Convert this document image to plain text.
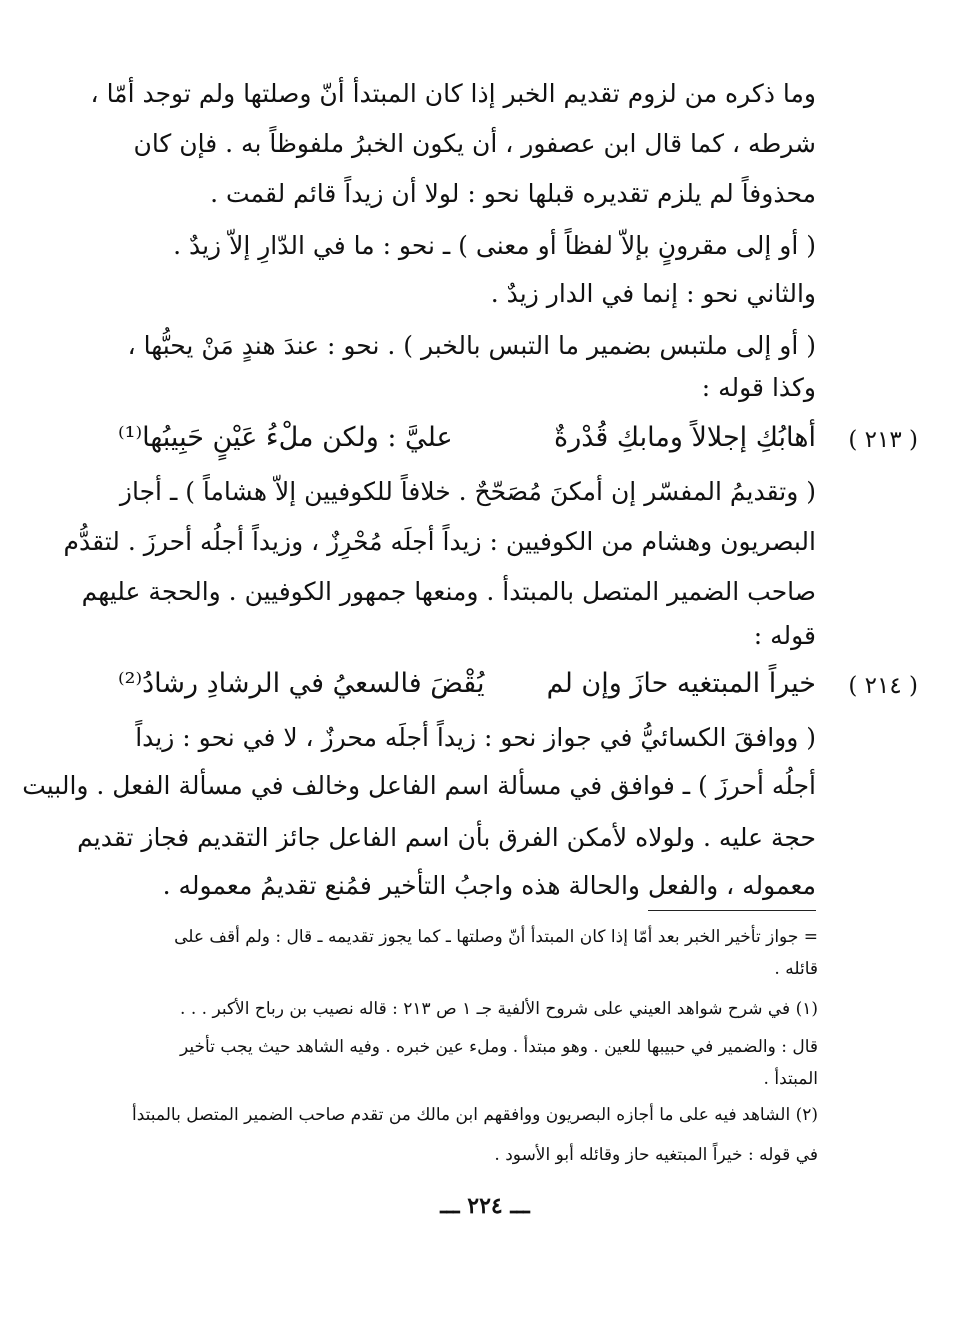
وما ذكره من لزوم تقديم الخبر إذا كان المبتدأ أنّ وصلتها ولم توجد أمّا ،
شرطه ، كما قال ابن عصفور ، أن يكون الخبرُ ملفوظاً به . فإن كان
محذوفاً لم يلزم تقديره قبلها نحو : لولا أن زيداً قائم لقمت .
( أو إلى مقرونٍ بإلاّ لفظاً أو معنى ) ـ نحو : ما في الدّارِ إلاّ زيدٌ .
والثاني نحو : إنما في الدار زيدٌ .
( أو إلى ملتبس بضمير ما التبس بالخبر ) . نحو : عندَ هندٍ مَنْ يحبُّها ،
وكذا قوله :
( ٢١٣ )
أهابُكِ إجلالاً ومابكِ قُدْرةٌ
عليَّ : ولكن ملْءُ عَيْنٍ حَبِيبُها⁽¹⁾
( وتقديمُ المفسّر إن أمكنَ مُصَحّحٌ . خلافاً للكوفيين إلاّ هشاماً ) ـ أجاز
البصريون وهشام من الكوفيين : زيداً أجلَه مُحْرِزٌ ، وزيداً أجلُه أحرزَ . لتقدُّم
صاحب الضمير المتصل بالمبتدأ . ومنعها جمهور الكوفيين . والحجة عليهم
قوله :
( ٢١٤ )
خيراً المبتغيه حازَ وإن لم
يُقْضَ فالسعيُ في الرشادِ رشادُ⁽²⁾
( ووافقَ الكسائيُّ في جواز نحو : زيداً أجلَه محرزٌ ، لا في نحو : زيداً
أجلُه أحرزَ ) ـ فوافق في مسألة اسم الفاعل وخالف في مسألة الفعل . والبيت
حجة عليه . ولولاه لأمكن الفرق بأن اسم الفاعل جائز التقديم فجاز تقديم
معموله ، والفعل والحالة هذه واجبُ التأخير فمُنع تقديمُ معموله .
= جواز تأخير الخبر بعد أمّا إذا كان المبتدأ أنّ وصلتها ـ كما يجوز تقديمه ـ قال : ولم أقف على
قائله .
(١) في شرح شواهد العيني على شروح الألفية جـ ١ ص ٢١٣ : قاله نصيب بن رباح الأكبر . . .
قال : والضمير في حبيبها للعين . وهو مبتدأ . وملء عين خبره . وفيه الشاهد حيث يجب تأخير
المبتدأ .
(٢) الشاهد فيه على ما أجازه البصريون ووافقهم ابن مالك من تقدم صاحب الضمير المتصل بالمبتدأ
في قوله : خيراً المبتغيه حاز وقائله أبو الأسود .
ـــ ٢٢٤ ـــ
